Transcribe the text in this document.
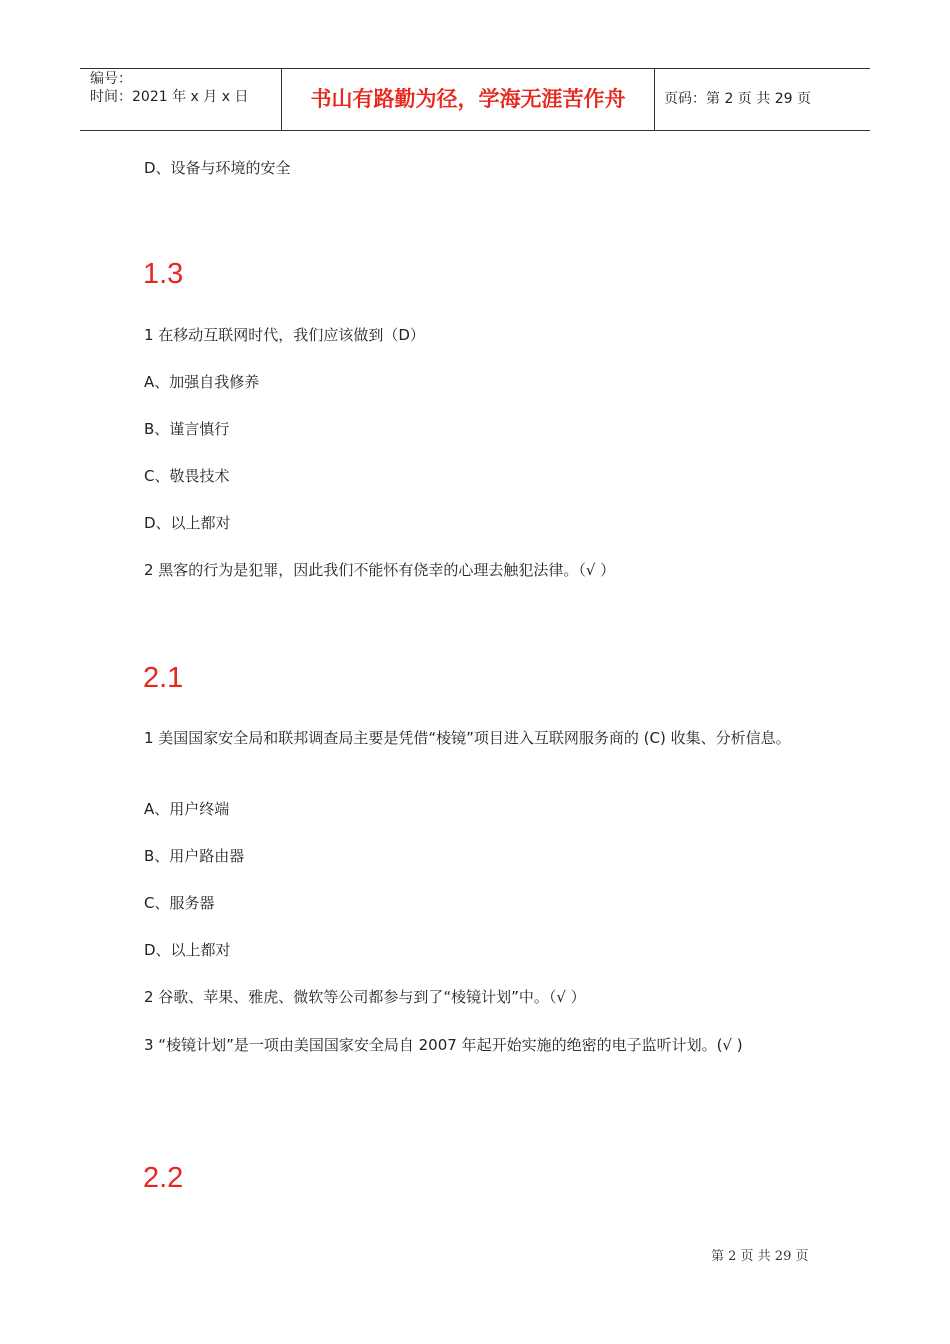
编号：
时间：2021 年 x 月 x 日	书山有路勤为径，学海无涯苦作舟	页码：第 2 页 共 29 页
D、设备与环境的安全
1.3
1 在移动互联网时代，我们应该做到（D）
A、加强自我修养
B、谨言慎行
C、敬畏技术
D、以上都对
2 黑客的行为是犯罪，因此我们不能怀有侥幸的心理去触犯法律。（√ ）
2.1
1 美国国家安全局和联邦调查局主要是凭借“棱镜”项目进入互联网服务商的 (C) 收集、分析信息。
A、用户终端
B、用户路由器
C、服务器
D、以上都对
2 谷歌、苹果、雅虎、微软等公司都参与到了“棱镜计划”中。（√ ）
3 “棱镜计划”是一项由美国国家安全局自 2007 年起开始实施的绝密的电子监听计划。(√ )
2.2
第 2 页 共 29 页
